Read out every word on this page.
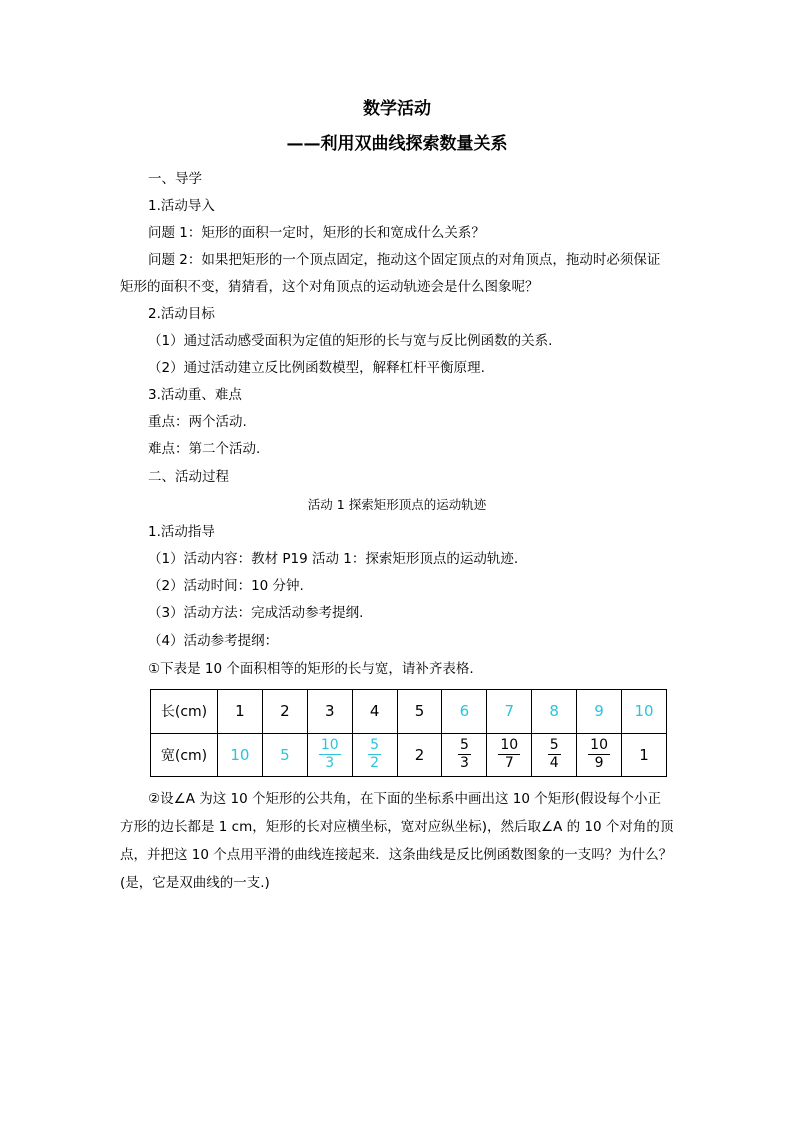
数学活动
——利用双曲线探索数量关系
一、导学
1.活动导入
问题 1：矩形的面积一定时，矩形的长和宽成什么关系？
问题 2：如果把矩形的一个顶点固定，拖动这个固定顶点的对角顶点，拖动时必须保证
矩形的面积不变，猜猜看，这个对角顶点的运动轨迹会是什么图象呢？
2.活动目标
（1）通过活动感受面积为定值的矩形的长与宽与反比例函数的关系.
（2）通过活动建立反比例函数模型，解释杠杆平衡原理.
3.活动重、难点
重点：两个活动.
难点：第二个活动.
二、活动过程
活动 1 探索矩形顶点的运动轨迹
1.活动指导
（1）活动内容：教材 P19 活动 1：探索矩形顶点的运动轨迹.
（2）活动时间：10 分钟.
（3）活动方法：完成活动参考提纲.
（4）活动参考提纲：
①下表是 10 个面积相等的矩形的长与宽，请补齐表格.
长(cm)	1	2	3	4	5	6	7	8	9	10
宽(cm)	10	5	$\frac{10}{3}$	$\frac{5}{2}$	2	$\frac{5}{3}$	$\frac{10}{7}$	$\frac{5}{4}$	$\frac{10}{9}$	1
②设∠A 为这 10 个矩形的公共角，在下面的坐标系中画出这 10 个矩形(假设每个小正
方形的边长都是 1 cm，矩形的长对应横坐标，宽对应纵坐标)，然后取∠A 的 10 个对角的顶
点，并把这 10 个点用平滑的曲线连接起来．这条曲线是反比例函数图象的一支吗？为什么？
(是，它是双曲线的一支.)
